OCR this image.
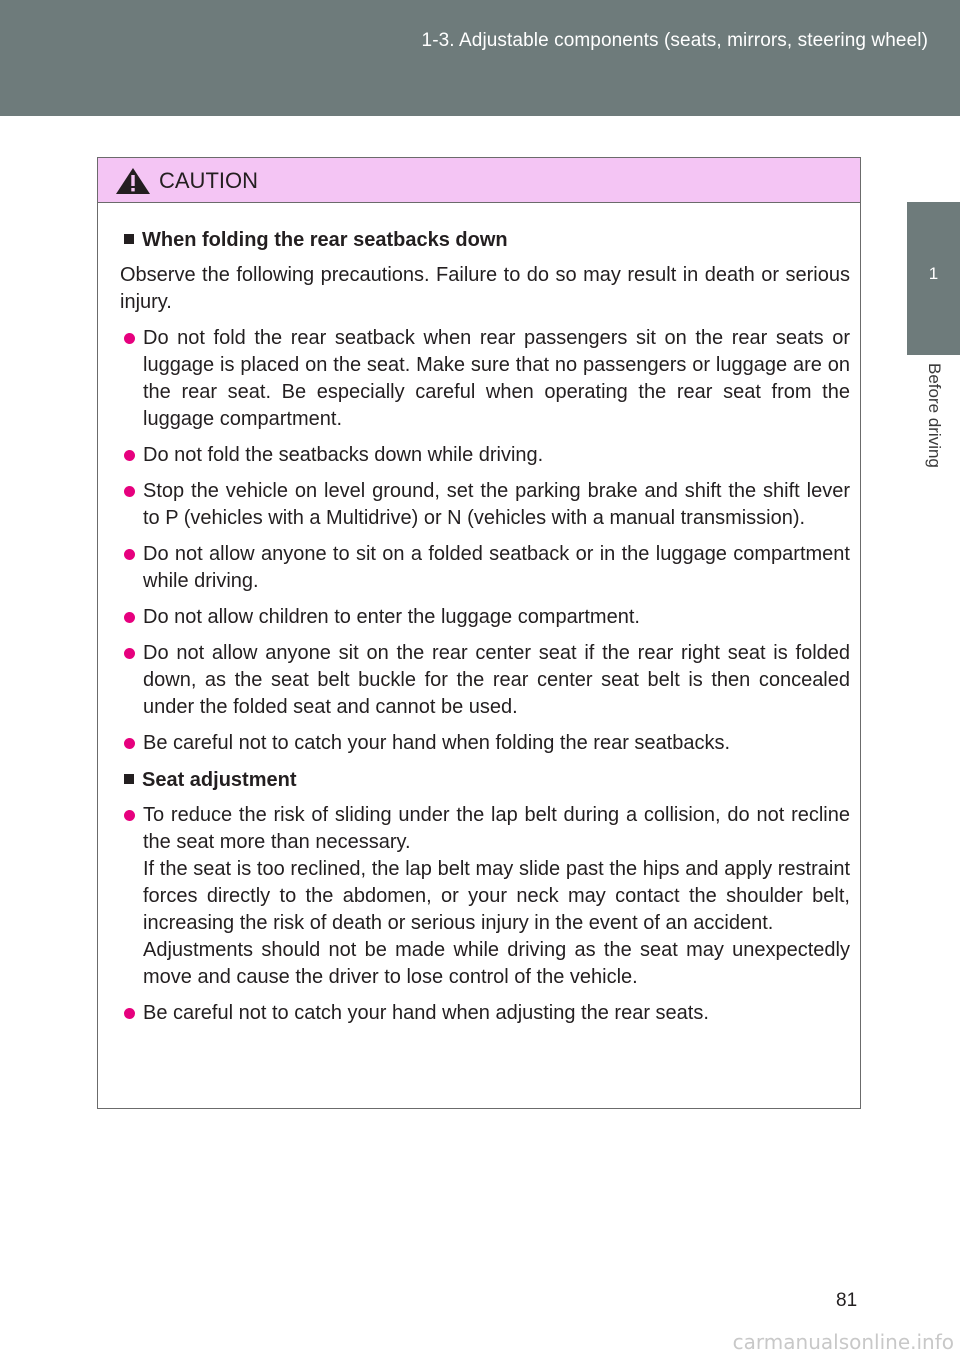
1-3. Adjustable components (seats, mirrors, steering wheel)
1
Before driving
CAUTION
When folding the rear seatbacks down
Observe the following precautions. Failure to do so may result in death or serious injury.

Do not fold the rear seatback when rear passengers sit on the rear seats or luggage is placed on the seat. Make sure that no passengers or luggage are on the rear seat. Be especially careful when operating the rear seat from the luggage compartment.

Do not fold the seatbacks down while driving.

Stop the vehicle on level ground, set the parking brake and shift the shift lever to P (vehicles with a Multidrive) or N (vehicles with a manual transmission).

Do not allow anyone to sit on a folded seatback or in the luggage compartment while driving.

Do not allow children to enter the luggage compartment.

Do not allow anyone sit on the rear center seat if the rear right seat is folded down, as the seat belt buckle for the rear center seat belt is then concealed under the folded seat and cannot be used.

Be careful not to catch your hand when folding the rear seatbacks.

Seat adjustment

To reduce the risk of sliding under the lap belt during a collision, do not recline the seat more than necessary.

If the seat is too reclined, the lap belt may slide past the hips and apply restraint forces directly to the abdomen, or your neck may contact the shoulder belt, increasing the risk of death or serious injury in the event of an accident.

Adjustments should not be made while driving as the seat may unexpectedly move and cause the driver to lose control of the vehicle.

Be careful not to catch your hand when adjusting the rear seats.

81
carmanualsonline.info
